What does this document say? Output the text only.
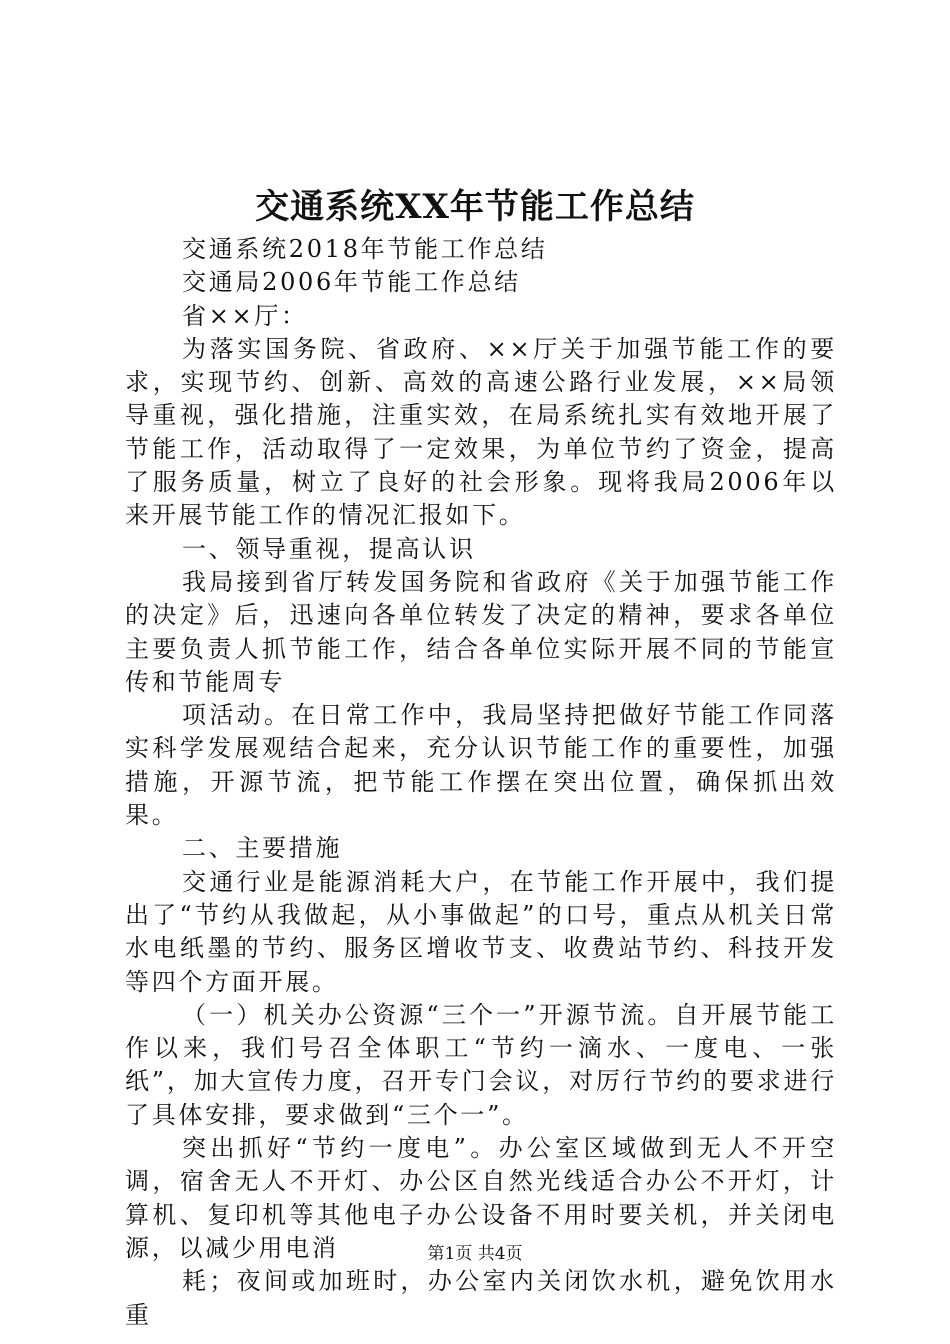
交通系统XX年节能工作总结

交通系统2018年节能工作总结

交通局2006年节能工作总结

省××厅：

为落实国务院、省政府、××厅关于加强节能工作的要求，实现节约、创新、高效的高速公路行业发展，××局领导重视，强化措施，注重实效，在局系统扎实有效地开展了节能工作，活动取得了一定效果，为单位节约了资金，提高了服务质量，树立了良好的社会形象。现将我局2006年以来开展节能工作的情况汇报如下。

一、领导重视，提高认识

我局接到省厅转发国务院和省政府《关于加强节能工作的决定》后，迅速向各单位转发了决定的精神，要求各单位主要负责人抓节能工作，结合各单位实际开展不同的节能宣传和节能周专

项活动。在日常工作中，我局坚持把做好节能工作同落实科学发展观结合起来，充分认识节能工作的重要性，加强措施，开源节流，把节能工作摆在突出位置，确保抓出效果。

二、主要措施

交通行业是能源消耗大户，在节能工作开展中，我们提出了“节约从我做起，从小事做起”的口号，重点从机关日常水电纸墨的节约、服务区增收节支、收费站节约、科技开发等四个方面开展。

（一）机关办公资源“三个一”开源节流。自开展节能工作以来，我们号召全体职工“节约一滴水、一度电、一张纸”，加大宣传力度，召开专门会议，对厉行节约的要求进行了具体安排，要求做到“三个一”。

突出抓好“节约一度电”。办公室区域做到无人不开空调，宿舍无人不开灯、办公区自然光线适合办公不开灯，计算机、复印机等其他电子办公设备不用时要关机，并关闭电源，以减少用电消

耗；夜间或加班时，办公室内关闭饮水机，避免饮用水重

第1页 共4页
